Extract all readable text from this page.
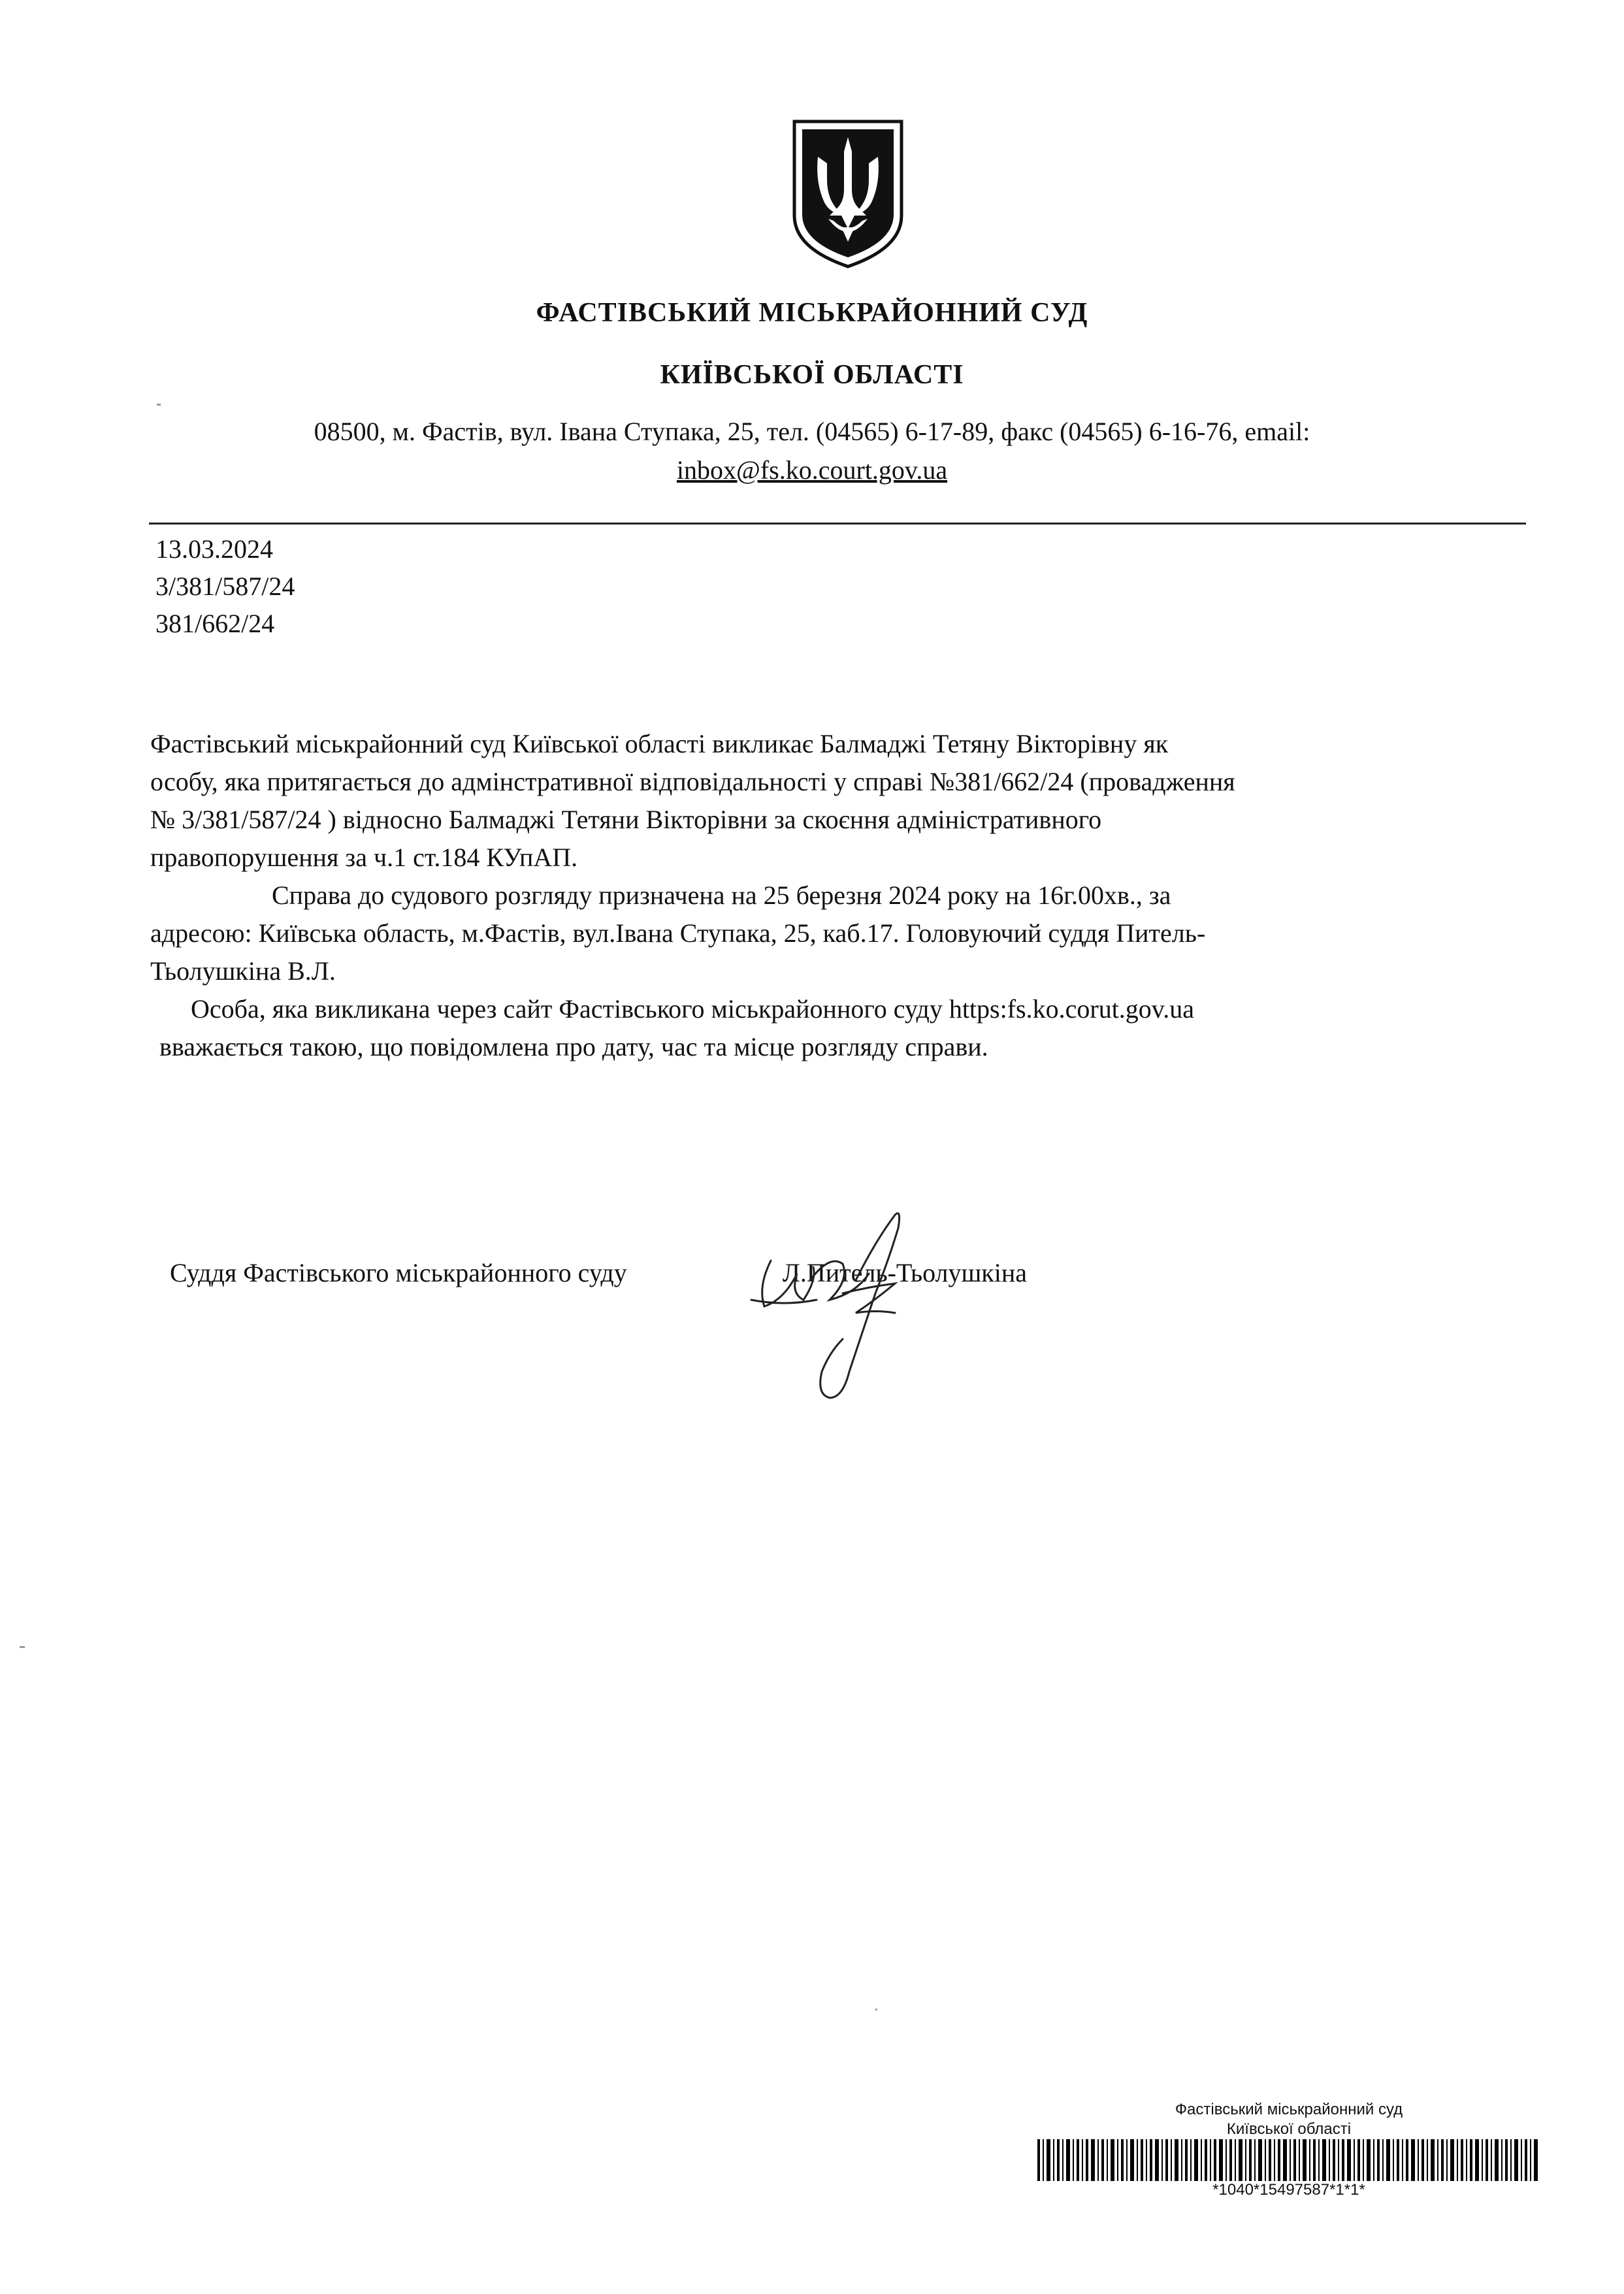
ФАСТІВСЬКИЙ МІСЬКРАЙОННИЙ СУД
КИЇВСЬКОЇ ОБЛАСТІ
08500, м. Фастів, вул. Івана Ступака, 25, тел. (04565) 6-17-89, факс (04565) 6-16-76, email:
inbox@fs.ko.court.gov.ua
13.03.2024
3/381/587/24
381/662/24
Фастівський міськрайонний суд Київської області викликає Балмаджі Тетяну Вікторівну як
особу, яка притягається до адмінстративної відповідальності у справі №381/662/24 (провадження
№ 3/381/587/24 ) відносно Балмаджі Тетяни Вікторівни за скоєння адміністративного
правопорушення за ч.1 ст.184 КУпАП.
Справа до судового розгляду призначена на 25 березня 2024 року на 16г.00хв., за
адресою: Київська область, м.Фастів, вул.Івана Ступака, 25, каб.17. Головуючий суддя Питель-
Тьолушкіна В.Л.
Особа, яка викликана через сайт Фастівського міськрайонного суду https:fs.ko.corut.gov.ua
вважається такою, що повідомлена про дату, час та місце розгляду справи.
Суддя Фастівського міськрайонного суду	Л.Питель-Тьолушкіна
Фастівський міськрайонний суд
Київської області
*1040*15497587*1*1*
